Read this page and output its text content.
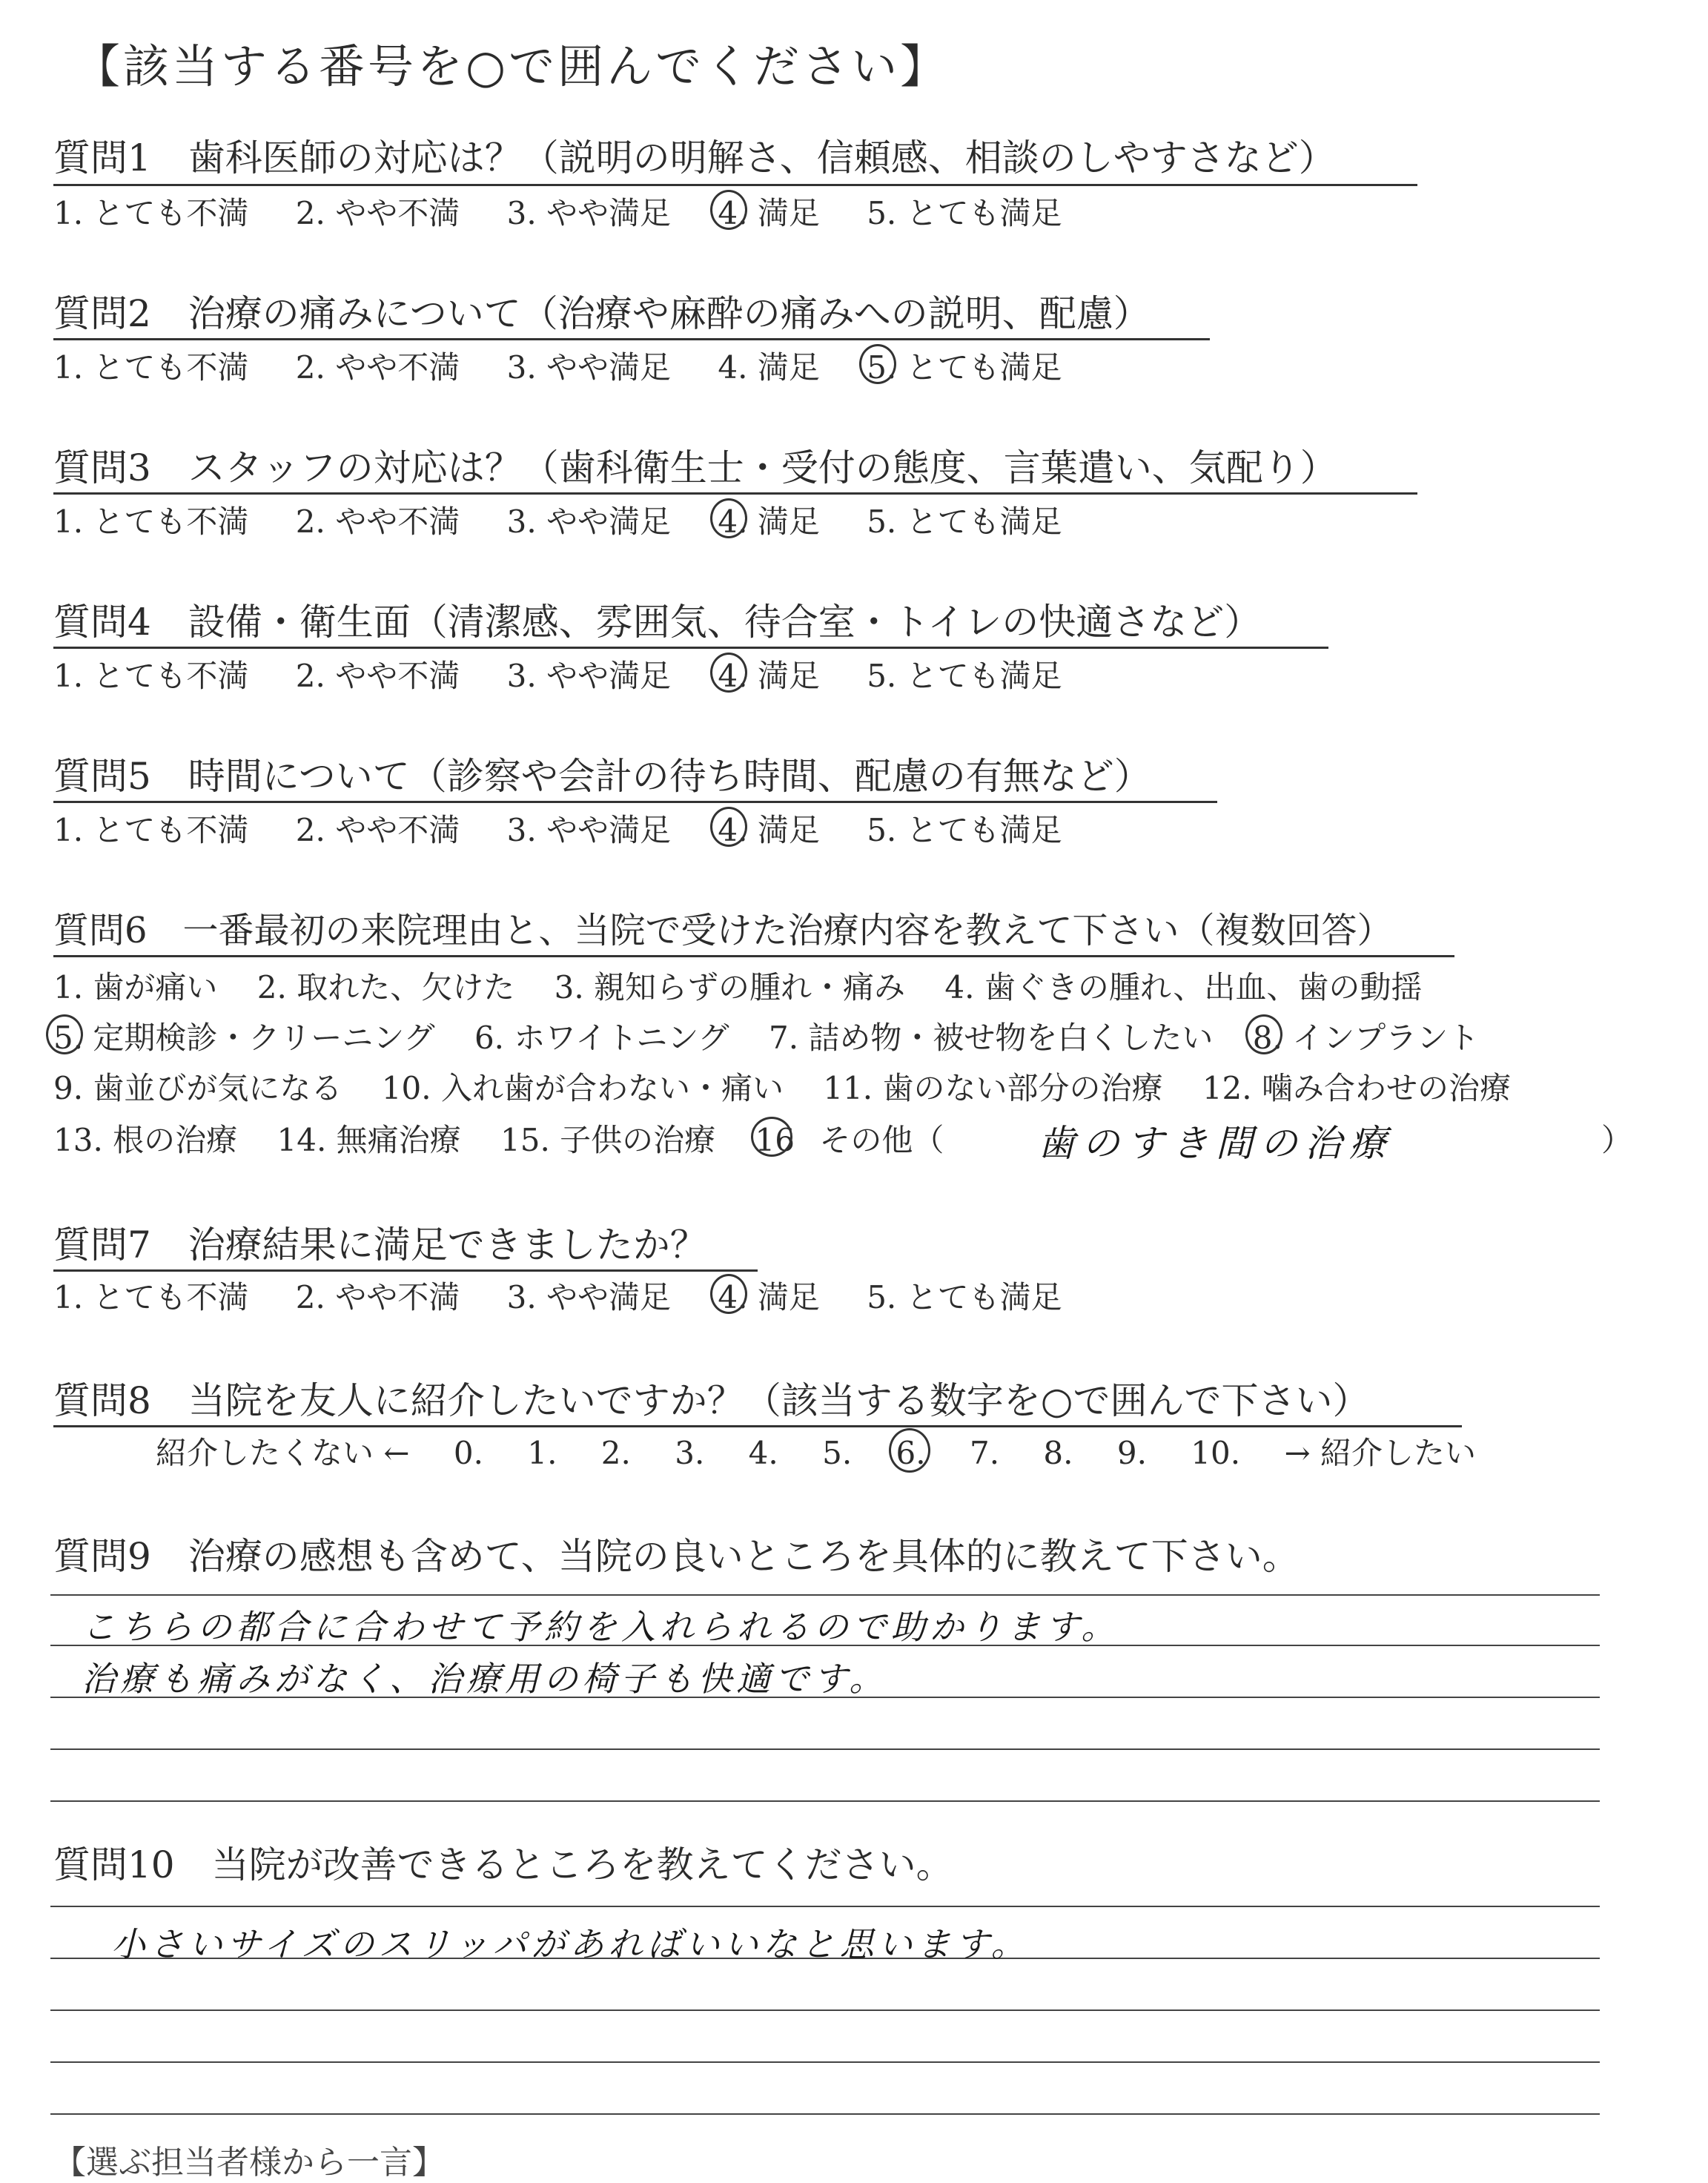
【該当する番号を○で囲んでください】
質問1　歯科医師の対応は？（説明の明解さ、信頼感、相談のしやすさなど）
1. とても不満 2. やや不満 3. やや満足 4. 満足 5. とても満足
質問2　治療の痛みについて（治療や麻酔の痛みへの説明、配慮）
1. とても不満 2. やや不満 3. やや満足 4. 満足 5. とても満足
質問3　スタッフの対応は？（歯科衛生士・受付の態度、言葉遣い、気配り）
1. とても不満 2. やや不満 3. やや満足 4. 満足 5. とても満足
質問4　設備・衛生面（清潔感、雰囲気、待合室・トイレの快適さなど）
1. とても不満 2. やや不満 3. やや満足 4. 満足 5. とても満足
質問5　時間について（診察や会計の待ち時間、配慮の有無など）
1. とても不満 2. やや不満 3. やや満足 4. 満足 5. とても満足
質問6　一番最初の来院理由と、当院で受けた治療内容を教えて下さい（複数回答）
1. 歯が痛い 2. 取れた、欠けた 3. 親知らずの腫れ・痛み 4. 歯ぐきの腫れ、出血、歯の動揺
5. 定期検診・クリーニング 6. ホワイトニング 7. 詰め物・被せ物を白くしたい 8. インプラント
9. 歯並びが気になる 10. 入れ歯が合わない・痛い 11. 歯のない部分の治療 12. 噛み合わせの治療
13. 根の治療 14. 無痛治療 15. 子供の治療 16 その他（	歯のすき間の治療	）
質問7　治療結果に満足できましたか？
1. とても不満 2. やや不満 3. やや満足 4. 満足 5. とても満足
質問8　当院を友人に紹介したいですか？（該当する数字を○で囲んで下さい）
紹介したくない ← 0. 1. 2. 3. 4. 5. 6. 7. 8. 9. 10. → 紹介したい
質問9　治療の感想も含めて、当院の良いところを具体的に教えて下さい。
こちらの都合に合わせて予約を入れられるので助かります。
治療も痛みがなく、治療用の椅子も快適です。
質問10　当院が改善できるところを教えてください。
小さいサイズのスリッパがあればいいなと思います。
【選ぶ担当者様から一言】
